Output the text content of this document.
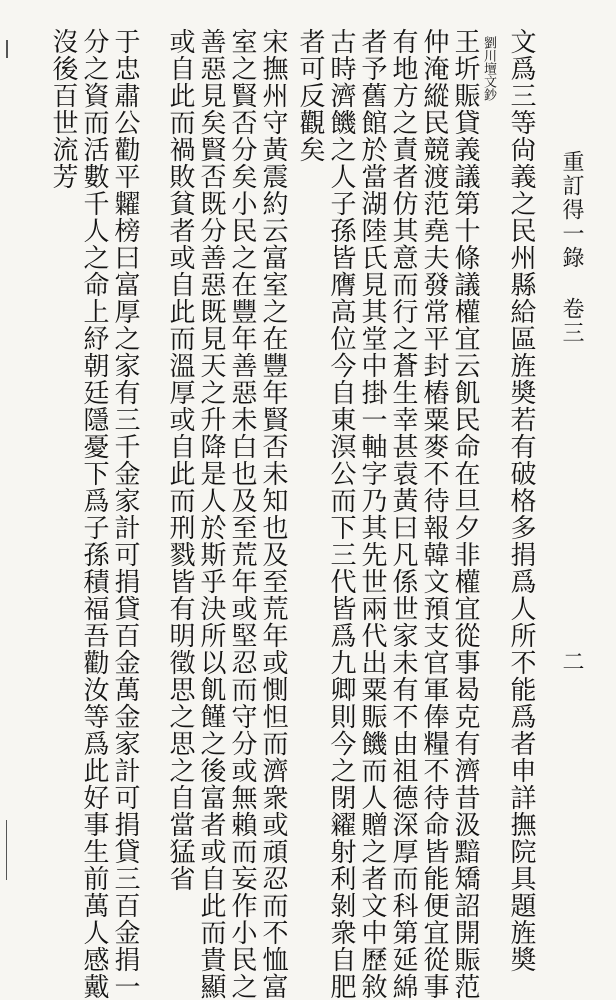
重訂得一錄 卷三
二
文爲三等尙義之民州縣給區旌奬若有破格多捐爲人所不能爲者申詳撫院具題旌奬
劉川壇文鈔
王圻賑貸義議第十條議權宜云飢民命在旦夕非權宜從事曷克有濟昔汲黯矯詔開賑范
仲淹縱民競渡范堯夫發常平封樁粟麥不待報韓文預支官軍俸糧不待命皆能便宜從事
有地方之責者仿其意而行之蒼生幸甚袁黃曰凡係世家未有不由祖德深厚而科第延綿
者予舊館於當湖陸氏見其堂中掛一軸字乃其先世兩代出粟賑饑而人贈之者文中歷敘
古時濟饑之人子孫皆膺高位今自東溟公而下三代皆爲九卿則今之閉糴射利剝衆自肥
者可反觀矣
宋撫州守黃震約云富室之在豐年賢否未知也及至荒年或惻怛而濟衆或頑忍而不恤富
室之賢否分矣小民之在豐年善惡未白也及至荒年或堅忍而守分或無賴而妄作小民之
善惡見矣賢否既分善惡既見天之升降是人於斯乎決所以飢饉之後富者或自此而貴顯
或自此而禍敗貧者或自此而溫厚或自此而刑戮皆有明徵思之思之自當猛省
于忠肅公勸平糶榜曰富厚之家有三千金家計可捐貸百金萬金家計可捐貸三百金捐一
分之資而活數千人之命上紓朝廷隱憂下爲子孫積福吾勸汝等爲此好事生前萬人感戴
沒後百世流芳
